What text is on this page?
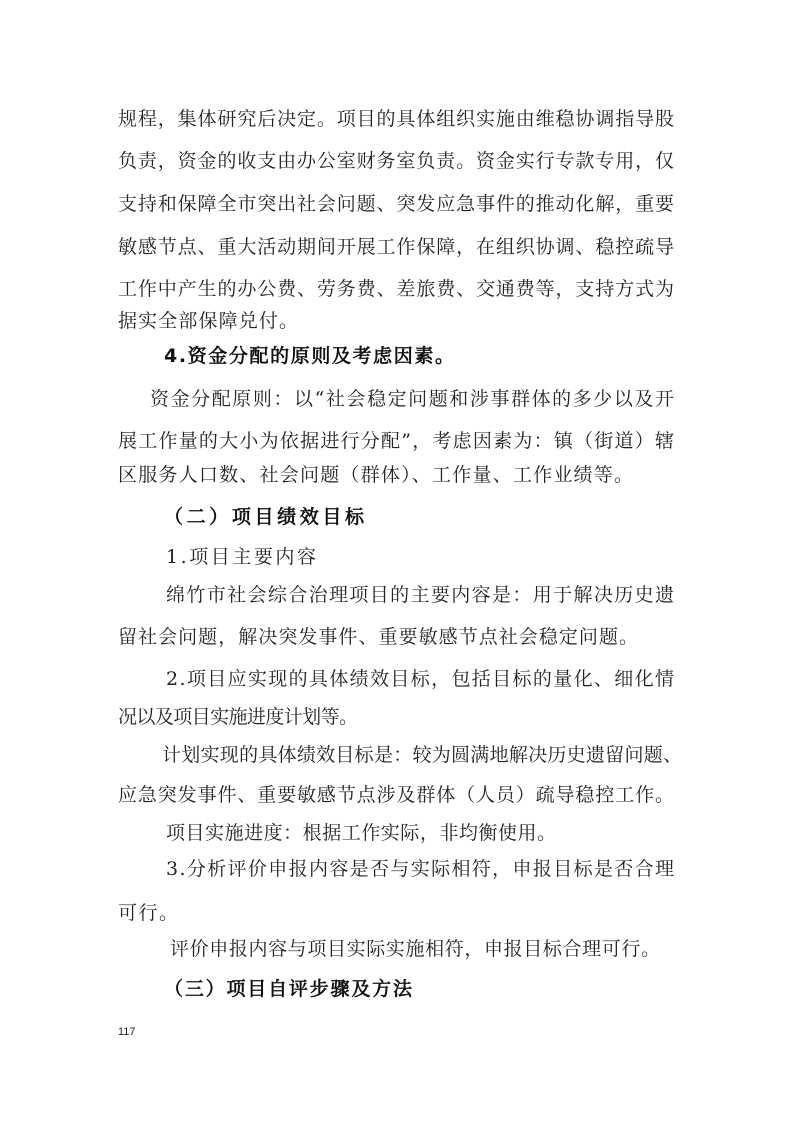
规程，集体研究后决定。项目的具体组织实施由维稳协调指导股
负责，资金的收支由办公室财务室负责。资金实行专款专用，仅
支持和保障全市突出社会问题、突发应急事件的推动化解，重要
敏感节点、重大活动期间开展工作保障，在组织协调、稳控疏导
工作中产生的办公费、劳务费、差旅费、交通费等，支持方式为
据实全部保障兑付。
4.资金分配的原则及考虑因素。
资金分配原则：以“社会稳定问题和涉事群体的多少以及开
展工作量的大小为依据进行分配”，考虑因素为：镇（街道）辖
区服务人口数、社会问题（群体）、工作量、工作业绩等。
（二）项目绩效目标
1.项目主要内容
绵竹市社会综合治理项目的主要内容是：用于解决历史遗
留社会问题，解决突发事件、重要敏感节点社会稳定问题。
2.项目应实现的具体绩效目标，包括目标的量化、细化情
况以及项目实施进度计划等。
计划实现的具体绩效目标是：较为圆满地解决历史遗留问题、
应急突发事件、重要敏感节点涉及群体（人员）疏导稳控工作。
项目实施进度：根据工作实际，非均衡使用。
3.分析评价申报内容是否与实际相符，申报目标是否合理
可行。
评价申报内容与项目实际实施相符，申报目标合理可行。
（三）项目自评步骤及方法
117
